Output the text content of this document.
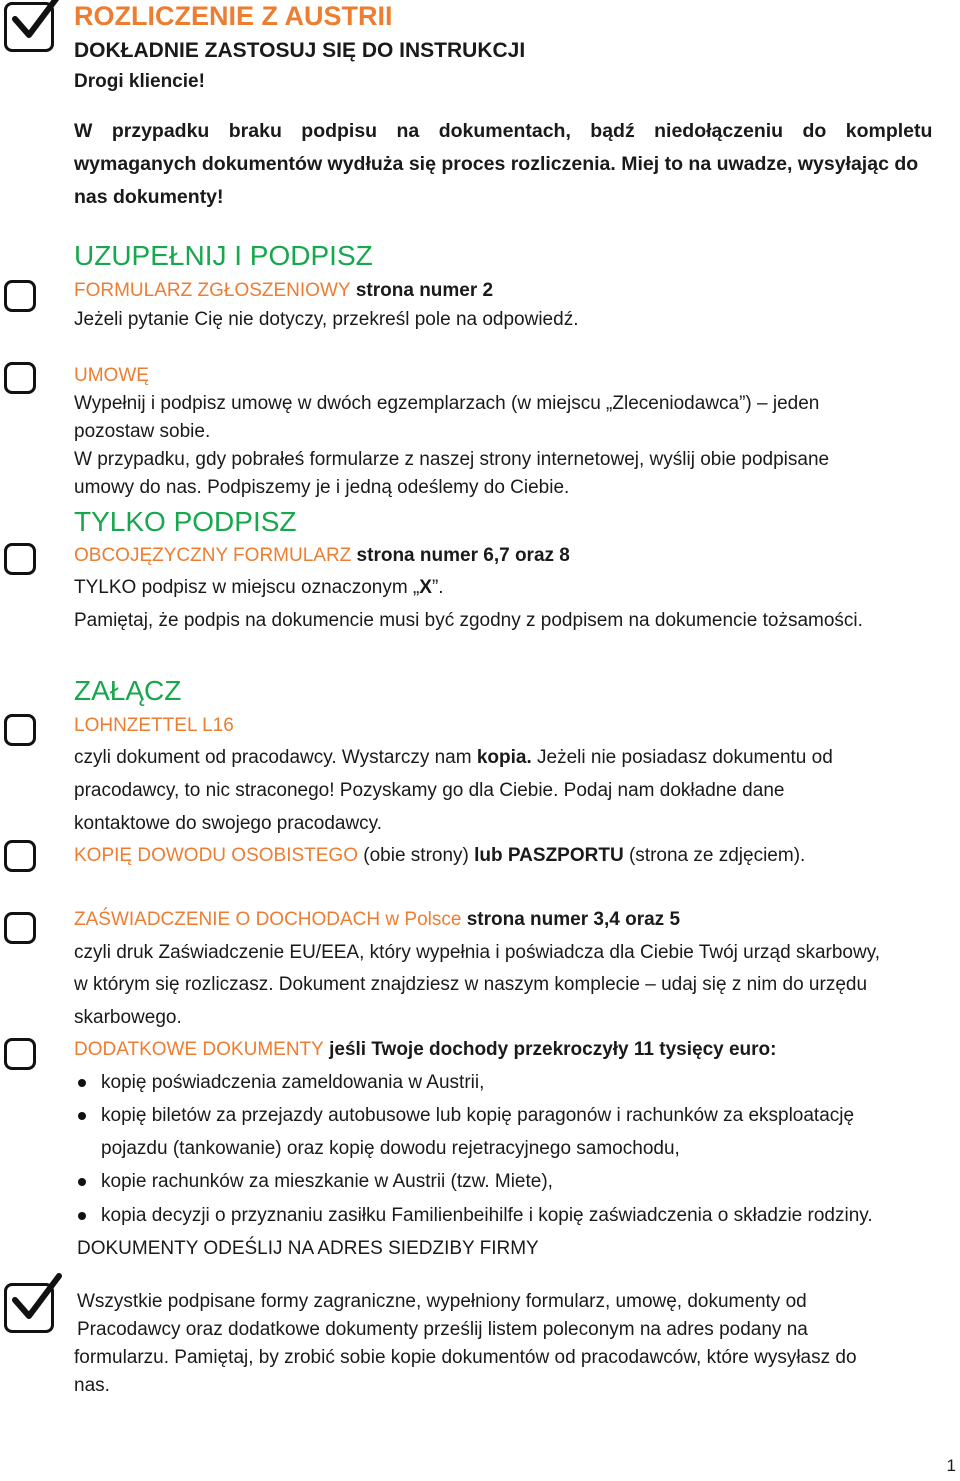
ROZLICZENIE Z AUSTRII
DOKŁADNIE ZASTOSUJ SIĘ DO INSTRUKCJI
Drogi kliencie!
W przypadku braku podpisu na dokumentach, bądź niedołączeniu do kompletu
wymaganych dokumentów wydłuża się proces rozliczenia. Miej to na uwadze, wysyłając do
nas dokumenty!
UZUPEŁNIJ I PODPISZ
FORMULARZ ZGŁOSZENIOWY strona numer 2
Jeżeli pytanie Cię nie dotyczy, przekreśl pole na odpowiedź.
UMOWĘ
Wypełnij i podpisz umowę w dwóch egzemplarzach (w miejscu „Zleceniodawca”) – jeden
pozostaw sobie.
W przypadku, gdy pobrałeś formularze z naszej strony internetowej, wyślij obie podpisane
umowy do nas. Podpiszemy je i jedną odeślemy do Ciebie.
TYLKO PODPISZ
OBCOJĘZYCZNY FORMULARZ strona numer 6,7 oraz 8
TYLKO podpisz w miejscu oznaczonym „X”.
Pamiętaj, że podpis na dokumencie musi być zgodny z podpisem na dokumencie tożsamości.
ZAŁĄCZ
LOHNZETTEL L16
czyli dokument od pracodawcy. Wystarczy nam kopia. Jeżeli nie posiadasz dokumentu od
pracodawcy, to nic straconego! Pozyskamy go dla Ciebie. Podaj nam dokładne dane
kontaktowe do swojego pracodawcy.
KOPIĘ DOWODU OSOBISTEGO (obie strony) lub PASZPORTU (strona ze zdjęciem).
ZAŚWIADCZENIE O DOCHODACH w Polsce strona numer 3,4 oraz 5
czyli druk Zaświadczenie EU/EEA, który wypełnia i poświadcza dla Ciebie Twój urząd skarbowy,
w którym się rozliczasz. Dokument znajdziesz w naszym komplecie – udaj się z nim do urzędu
skarbowego.
DODATKOWE DOKUMENTY jeśli Twoje dochody przekroczyły 11 tysięcy euro:
kopię poświadczenia zameldowania w Austrii,
kopię biletów za przejazdy autobusowe lub kopię paragonów i rachunków za eksploatację
pojazdu (tankowanie) oraz kopię dowodu rejetracyjnego samochodu,
kopie rachunków za mieszkanie w Austrii (tzw. Miete),
kopia decyzji o przyznaniu zasiłku Familienbeihilfe i kopię zaświadczenia o składzie rodziny.
DOKUMENTY ODEŚLIJ NA ADRES SIEDZIBY FIRMY
Wszystkie podpisane formy zagraniczne, wypełniony formularz, umowę, dokumenty od
Pracodawcy oraz dodatkowe dokumenty prześlij listem poleconym na adres podany na
formularzu. Pamiętaj, by zrobić sobie kopie dokumentów od pracodawców, które wysyłasz do
nas.
1
